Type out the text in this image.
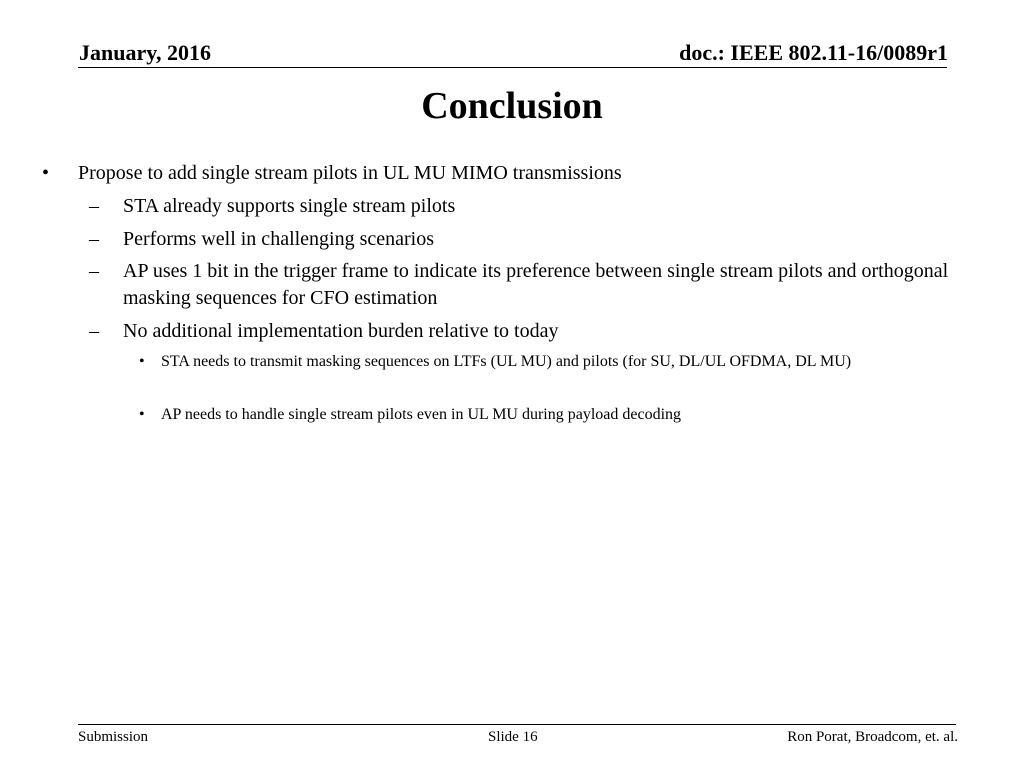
January, 2016	doc.: IEEE 802.11-16/0089r1
Conclusion
• Propose to add single stream pilots in UL MU MIMO transmissions
– STA already supports single stream pilots
– Performs well in challenging scenarios
– AP uses 1 bit in the trigger frame to indicate its preference between single stream pilots and orthogonal masking sequences for CFO estimation
– No additional implementation burden relative to today
• STA needs to transmit masking sequences on LTFs (UL MU) and pilots (for SU, DL/UL OFDMA, DL MU)
• AP needs to handle single stream pilots even in UL MU during payload decoding
Submission	Slide 16	Ron Porat, Broadcom, et. al.
